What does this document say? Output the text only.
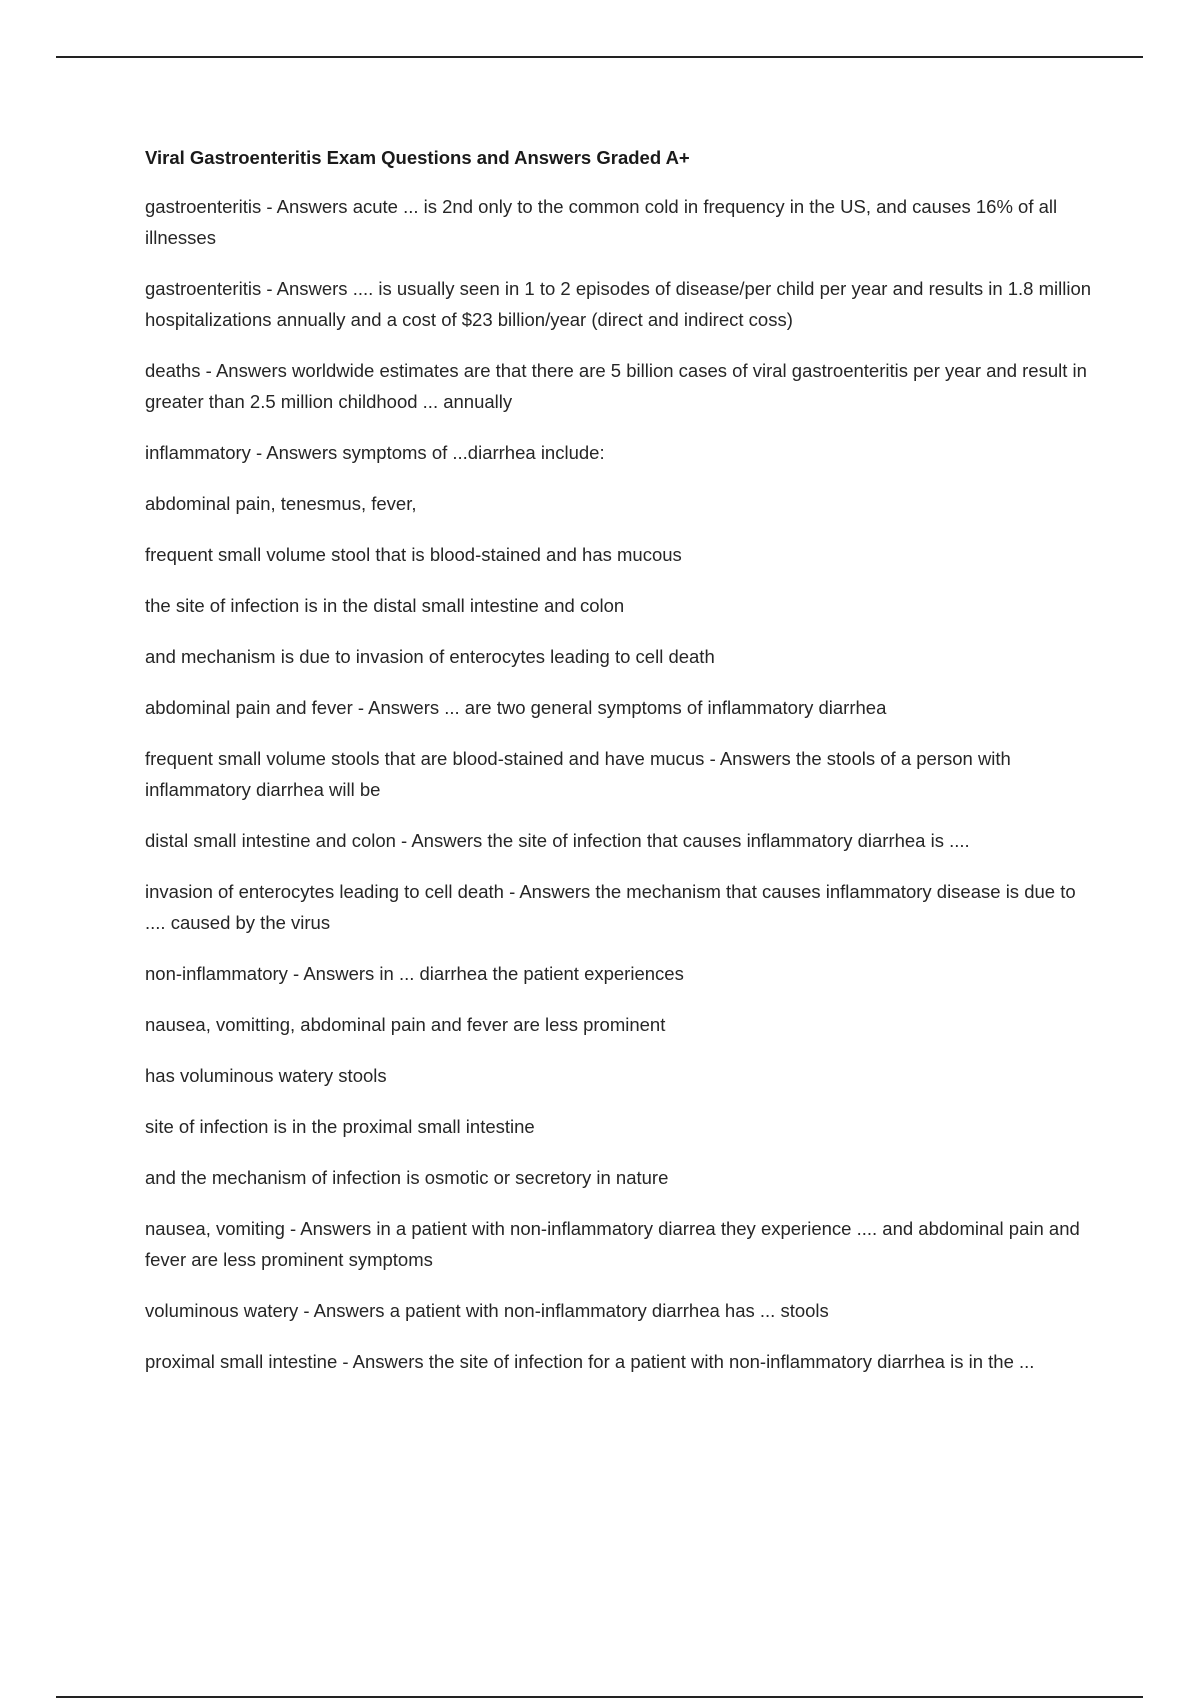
Viral Gastroenteritis Exam Questions and Answers Graded A+

gastroenteritis - Answers acute ... is 2nd only to the common cold in frequency in the US, and causes 16% of all illnesses

gastroenteritis - Answers .... is usually seen in 1 to 2 episodes of disease/per child per year and results in 1.8 million hospitalizations annually and a cost of $23 billion/year (direct and indirect coss)

deaths - Answers worldwide estimates are that there are 5 billion cases of viral gastroenteritis per year and result in greater than 2.5 million childhood ... annually

inflammatory - Answers symptoms of ...diarrhea include:

abdominal pain, tenesmus, fever,

frequent small volume stool that is blood-stained and has mucous

the site of infection is in the distal small intestine and colon

and mechanism is due to invasion of enterocytes leading to cell death

abdominal pain and fever - Answers ... are two general symptoms of inflammatory diarrhea

frequent small volume stools that are blood-stained and have mucus - Answers the stools of a person with inflammatory diarrhea will be

distal small intestine and colon - Answers the site of infection that causes inflammatory diarrhea is ....

invasion of enterocytes leading to cell death - Answers the mechanism that causes inflammatory disease is due to .... caused by the virus

non-inflammatory - Answers in ... diarrhea the patient experiences

nausea, vomitting, abdominal pain and fever are less prominent

has voluminous watery stools

site of infection is in the proximal small intestine

and the mechanism of infection is osmotic or secretory in nature

nausea, vomiting - Answers in a patient with non-inflammatory diarrea they experience .... and abdominal pain and fever are less prominent symptoms

voluminous watery - Answers a patient with non-inflammatory diarrhea has ... stools

proximal small intestine - Answers the site of infection for a patient with non-inflammatory diarrhea is in the ...
